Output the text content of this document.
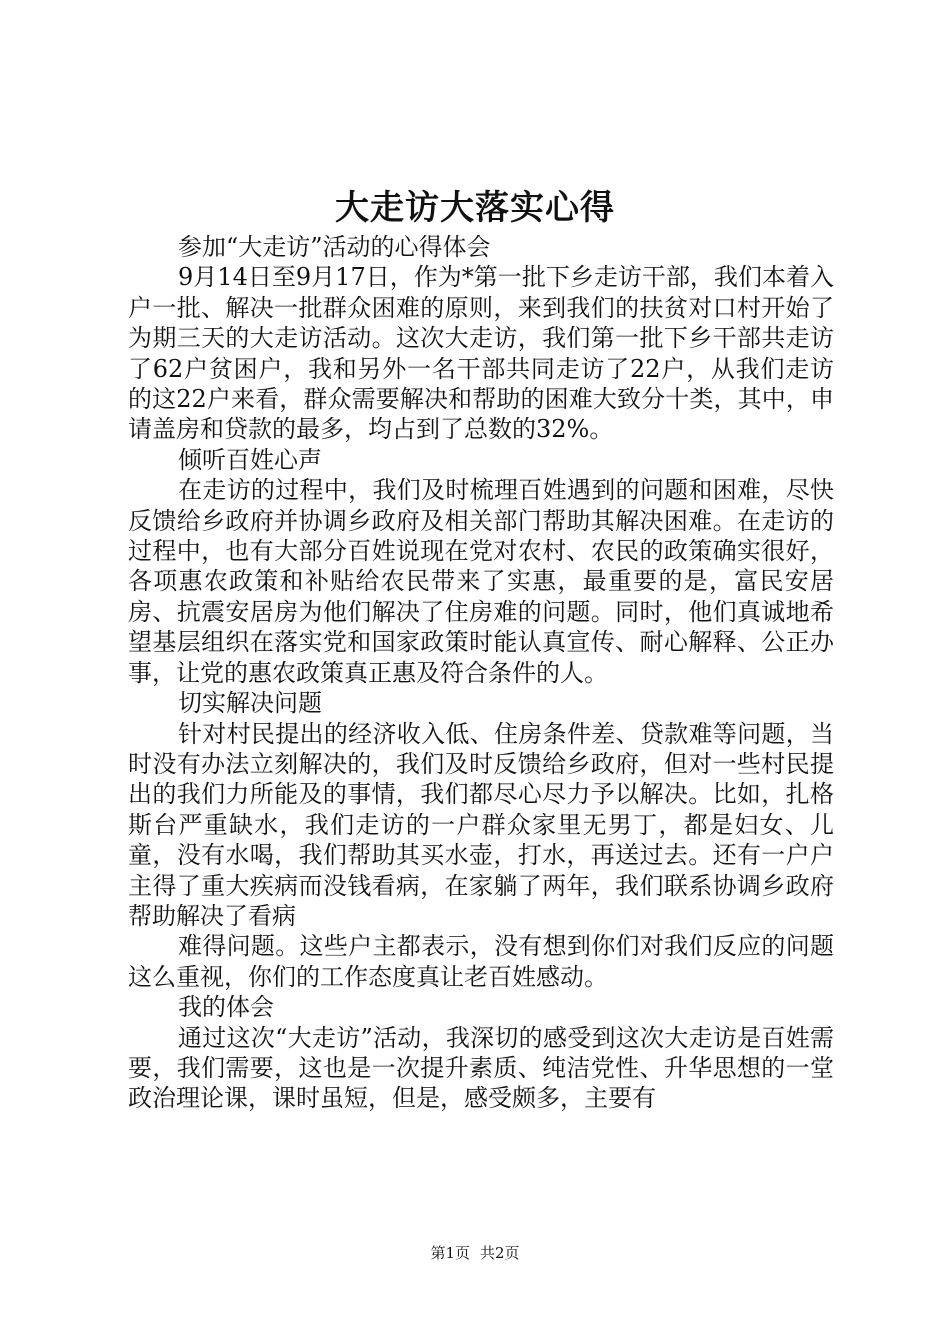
大走访大落实心得

参加“大走访”活动的心得体会

9月14日至9月17日，作为*第一批下乡走访干部，我们本着入户一批、解决一批群众困难的原则，来到我们的扶贫对口村开始了为期三天的大走访活动。这次大走访，我们第一批下乡干部共走访了62户贫困户，我和另外一名干部共同走访了22户，从我们走访的这22户来看，群众需要解决和帮助的困难大致分十类，其中，申请盖房和贷款的最多，均占到了总数的32%。

倾听百姓心声

在走访的过程中，我们及时梳理百姓遇到的问题和困难，尽快反馈给乡政府并协调乡政府及相关部门帮助其解决困难。在走访的过程中，也有大部分百姓说现在党对农村、农民的政策确实很好，各项惠农政策和补贴给农民带来了实惠，最重要的是，富民安居房、抗震安居房为他们解决了住房难的问题。同时，他们真诚地希望基层组织在落实党和国家政策时能认真宣传、耐心解释、公正办事，让党的惠农政策真正惠及符合条件的人。

切实解决问题

针对村民提出的经济收入低、住房条件差、贷款难等问题，当时没有办法立刻解决的，我们及时反馈给乡政府，但对一些村民提出的我们力所能及的事情，我们都尽心尽力予以解决。比如，扎格斯台严重缺水，我们走访的一户群众家里无男丁，都是妇女、儿童，没有水喝，我们帮助其买水壶，打水，再送过去。还有一户户主得了重大疾病而没钱看病，在家躺了两年，我们联系协调乡政府帮助解决了看病

难得问题。这些户主都表示，没有想到你们对我们反应的问题这么重视，你们的工作态度真让老百姓感动。

我的体会

通过这次“大走访”活动，我深切的感受到这次大走访是百姓需要，我们需要，这也是一次提升素质、纯洁党性、升华思想的一堂政治理论课，课时虽短，但是，感受颇多，主要有

第1页 共2页
